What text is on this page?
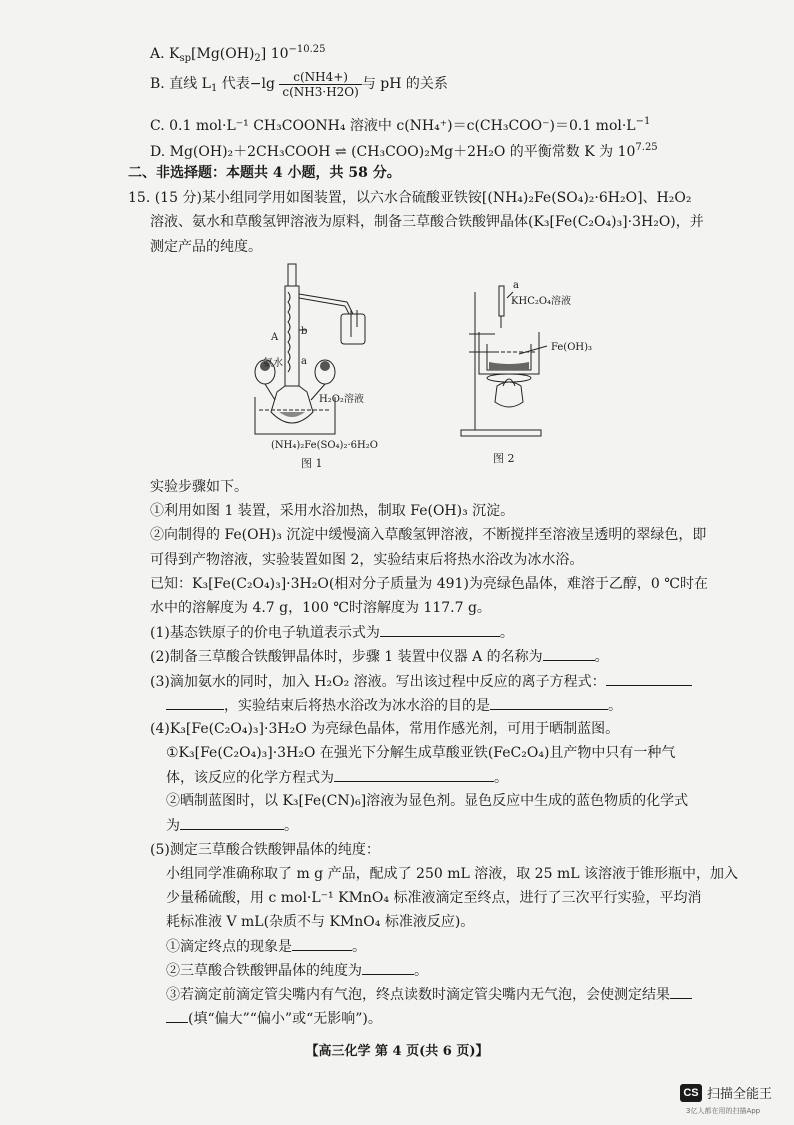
A. $K_{sp}[Mg(OH)_2]$ $10^{-10.25}$
B. 直线 $L_1$ 代表$-\lg \frac{c(NH4+)}{c(NH3\cdot H2O)}$ 与 pH 的关系
C. 0.1 mol·L⁻¹ CH₃COONH₄ 溶液中 c(NH₄⁺)＝c(CH₃COO⁻)＝0.1 $mol\cdot L^{-1}$
D. Mg(OH)₂＋2CH₃COOH ⇌ (CH₃COO)₂Mg＋2H₂O 的平衡常数 K 为 $10^{7.25}$
二、非选择题：本题共 4 小题，共 58 分。
15. (15 分)某小组同学用如图装置，以六水合硫酸亚铁铵[(NH₄)₂Fe(SO₄)₂·6H₂O]、H₂O₂
溶液、氨水和草酸氢钾溶液为原料，制备三草酸合铁酸钾晶体(K₃[Fe(C₂O₄)₃]·3H₂O)，并
测定产品的纯度。
A
b
a
氨水
H₂O₂溶液
(NH₄)₂Fe(SO₄)₂·6H₂O
图 1
a
KHC₂O₄溶液
Fe(OH)₃
图 2
实验步骤如下。
①利用如图 1 装置，采用水浴加热，制取 Fe(OH)₃ 沉淀。
②向制得的 Fe(OH)₃ 沉淀中缓慢滴入草酸氢钾溶液，不断搅拌至溶液呈透明的翠绿色，即
可得到产物溶液，实验装置如图 2，实验结束后将热水浴改为冰水浴。
已知：K₃[Fe(C₂O₄)₃]·3H₂O(相对分子质量为 491)为亮绿色晶体，难溶于乙醇，0 ℃时在
水中的溶解度为 4.7 g，100 ℃时溶解度为 117.7 g。
(1)基态铁原子的价电子轨道表示式为	。
(2)制备三草酸合铁酸钾晶体时，步骤 1 装置中仪器 A 的名称为	。
(3)滴加氨水的同时，加入 H₂O₂ 溶液。写出该过程中反应的离子方程式：
，实验结束后将热水浴改为冰水浴的目的是	。
(4)K₃[Fe(C₂O₄)₃]·3H₂O 为亮绿色晶体，常用作感光剂，可用于晒制蓝图。
①K₃[Fe(C₂O₄)₃]·3H₂O 在强光下分解生成草酸亚铁(FeC₂O₄)且产物中只有一种气
体，该反应的化学方程式为	。
②晒制蓝图时，以 K₃[Fe(CN)₆]溶液为显色剂。显色反应中生成的蓝色物质的化学式
为	。
(5)测定三草酸合铁酸钾晶体的纯度：
小组同学准确称取了 m g 产品，配成了 250 mL 溶液，取 25 mL 该溶液于锥形瓶中，加入
少量稀硫酸，用 c mol·L⁻¹ KMnO₄ 标准液滴定至终点，进行了三次平行实验，平均消
耗标准液 V mL(杂质不与 KMnO₄ 标准液反应)。
①滴定终点的现象是	。
②三草酸合铁酸钾晶体的纯度为	。
③若滴定前滴定管尖嘴内有气泡，终点读数时滴定管尖嘴内无气泡，会使测定结果
(填“偏大”“偏小”或“无影响”)。
【高三化学 第 4 页(共 6 页)】
CS 扫描全能王
3亿人都在用的扫描App
